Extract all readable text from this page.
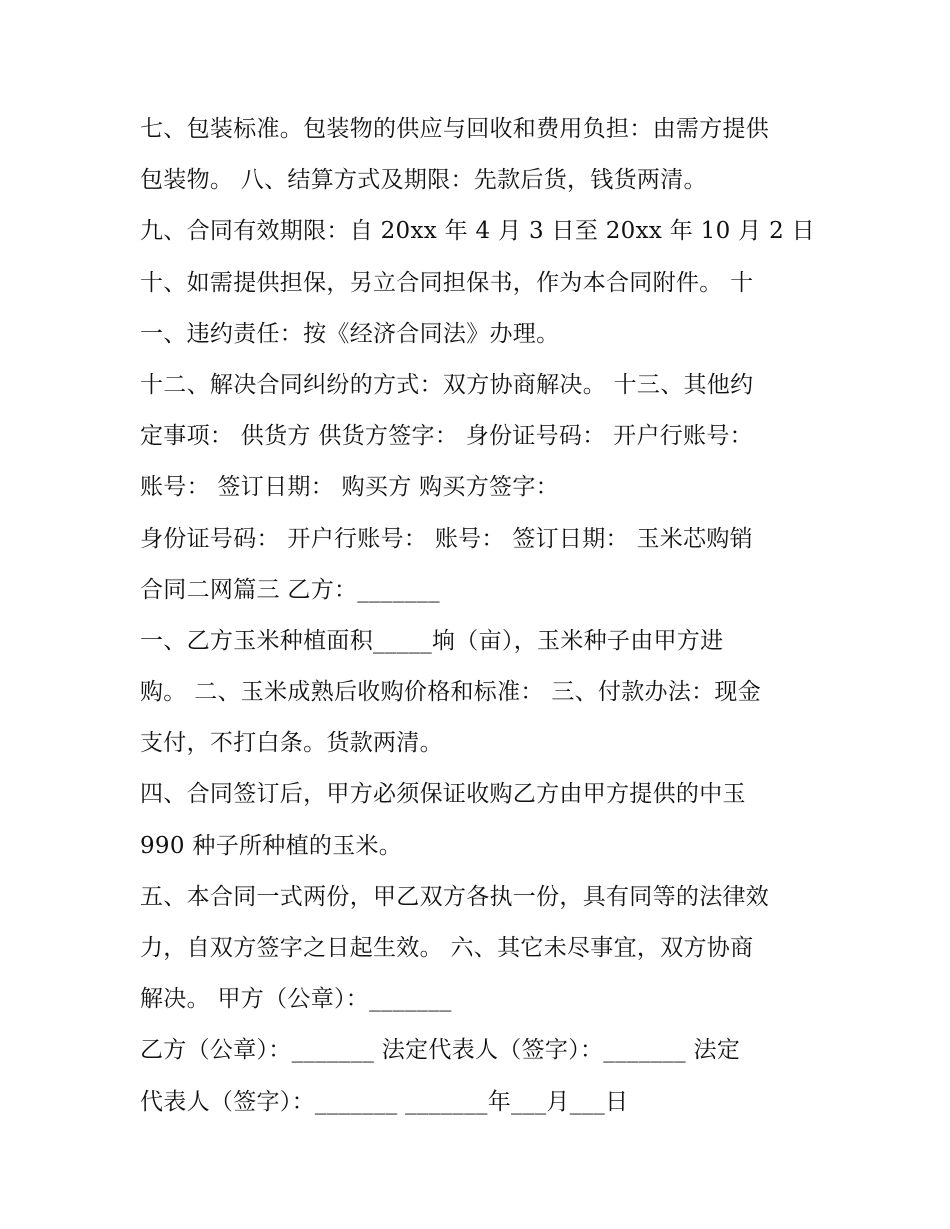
七、包装标准。包装物的供应与回收和费用负担：由需方提供
包装物。 八、结算方式及期限：先款后货，钱货两清。
九、合同有效期限：自 20xx 年 4 月 3 日至 20xx 年 10 月 2 日
十、如需提供担保，另立合同担保书，作为本合同附件。 十
一、违约责任：按《经济合同法》办理。
十二、解决合同纠纷的方式：双方协商解决。 十三、其他约
定事项： 供货方 供货方签字： 身份证号码： 开户行账号：
账号： 签订日期： 购买方 购买方签字：
身份证号码： 开户行账号： 账号： 签订日期： 玉米芯购销
合同二网篇三 乙方：_______
一、乙方玉米种植面积_____垧（亩），玉米种子由甲方进
购。 二、玉米成熟后收购价格和标准： 三、付款办法：现金
支付，不打白条。货款两清。
四、合同签订后，甲方必须保证收购乙方由甲方提供的中玉
990 种子所种植的玉米。
五、本合同一式两份，甲乙双方各执一份，具有同等的法律效
力，自双方签字之日起生效。 六、其它未尽事宜，双方协商
解决。 甲方（公章）：_______
乙方（公章）：_______ 法定代表人（签字）：_______ 法定
代表人（签字）：_______ _______年___月___日
